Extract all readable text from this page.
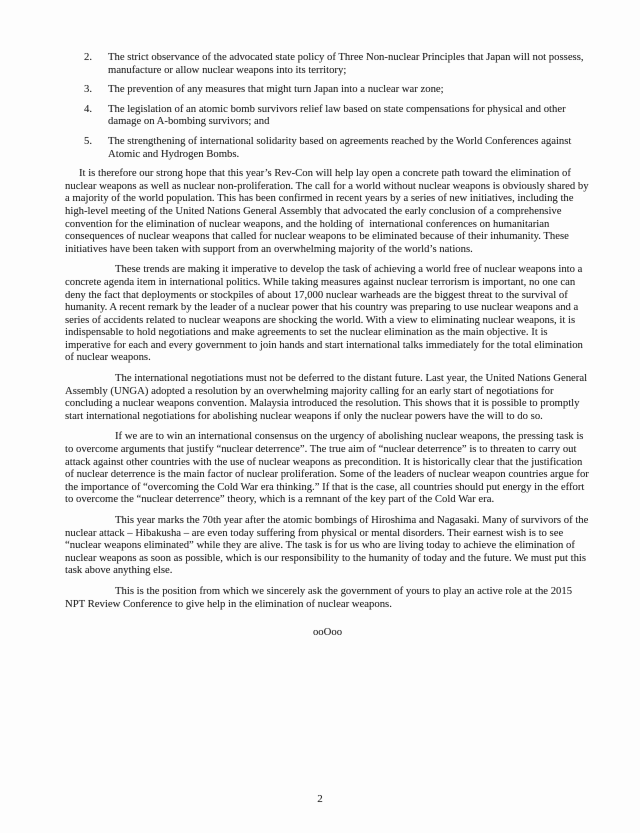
2.	The strict observance of the advocated state policy of Three Non-nuclear Principles that Japan will not possess, manufacture or allow nuclear weapons into its territory;
3.	The prevention of any measures that might turn Japan into a nuclear war zone;
4.	The legislation of an atomic bomb survivors relief law based on state compensations for physical and other damage on A-bombing survivors; and
5.	The strengthening of international solidarity based on agreements reached by the World Conferences against Atomic and Hydrogen Bombs.

It is therefore our strong hope that this year’s Rev-Con will help lay open a concrete path toward the elimination of nuclear weapons as well as nuclear non-proliferation. The call for a world without nuclear weapons is obviously shared by a majority of the world population. This has been confirmed in recent years by a series of new initiatives, including the high-level meeting of the United Nations General Assembly that advocated the early conclusion of a comprehensive convention for the elimination of nuclear weapons, and the holding of  international conferences on humanitarian consequences of nuclear weapons that called for nuclear weapons to be eliminated because of their inhumanity. These initiatives have been taken with support from an overwhelming majority of the world’s nations.

These trends are making it imperative to develop the task of achieving a world free of nuclear weapons into a concrete agenda item in international politics. While taking measures against nuclear terrorism is important, no one can deny the fact that deployments or stockpiles of about 17,000 nuclear warheads are the biggest threat to the survival of humanity. A recent remark by the leader of a nuclear power that his country was preparing to use nuclear weapons and a series of accidents related to nuclear weapons are shocking the world. With a view to eliminating nuclear weapons, it is indispensable to hold negotiations and make agreements to set the nuclear elimination as the main objective. It is imperative for each and every government to join hands and start international talks immediately for the total elimination of nuclear weapons.

The international negotiations must not be deferred to the distant future. Last year, the United Nations General Assembly (UNGA) adopted a resolution by an overwhelming majority calling for an early start of negotiations for concluding a nuclear weapons convention. Malaysia introduced the resolution. This shows that it is possible to promptly start international negotiations for abolishing nuclear weapons if only the nuclear powers have the will to do so.

If we are to win an international consensus on the urgency of abolishing nuclear weapons, the pressing task is to overcome arguments that justify “nuclear deterrence”. The true aim of “nuclear deterrence” is to threaten to carry out attack against other countries with the use of nuclear weapons as precondition. It is historically clear that the justification of nuclear deterrence is the main factor of nuclear proliferation. Some of the leaders of nuclear weapon countries argue for the importance of “overcoming the Cold War era thinking.” If that is the case, all countries should put energy in the effort to overcome the “nuclear deterrence” theory, which is a remnant of the key part of the Cold War era.

This year marks the 70th year after the atomic bombings of Hiroshima and Nagasaki. Many of survivors of the nuclear attack – Hibakusha – are even today suffering from physical or mental disorders. Their earnest wish is to see “nuclear weapons eliminated” while they are alive. The task is for us who are living today to achieve the elimination of nuclear weapons as soon as possible, which is our responsibility to the humanity of today and the future. We must put this task above anything else.

This is the position from which we sincerely ask the government of yours to play an active role at the 2015 NPT Review Conference to give help in the elimination of nuclear weapons.

ooOoo
2
